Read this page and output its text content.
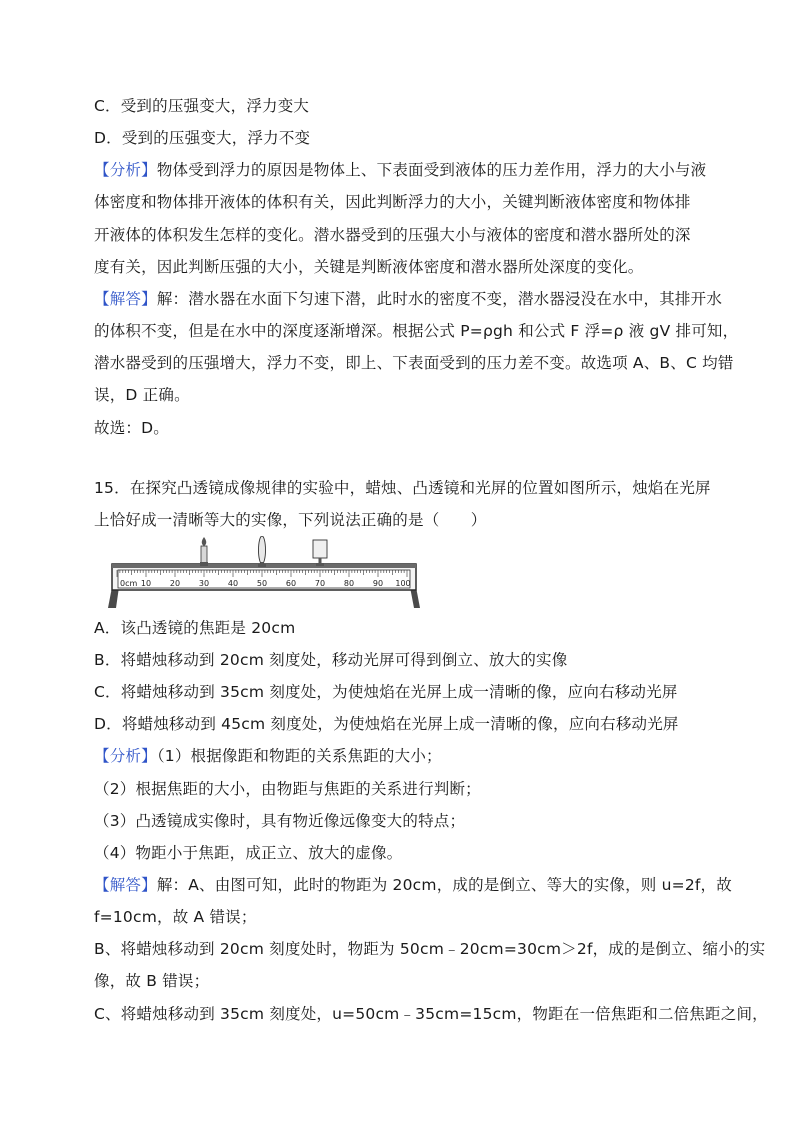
C．受到的压强变大，浮力变大
D．受到的压强变大，浮力不变
【分析】物体受到浮力的原因是物体上、下表面受到液体的压力差作用，浮力的大小与液
体密度和物体排开液体的体积有关，因此判断浮力的大小，关键判断液体密度和物体排
开液体的体积发生怎样的变化。潜水器受到的压强大小与液体的密度和潜水器所处的深
度有关，因此判断压强的大小，关键是判断液体密度和潜水器所处深度的变化。
【解答】解：潜水器在水面下匀速下潜，此时水的密度不变，潜水器浸没在水中，其排开水
的体积不变，但是在水中的深度逐渐增深。根据公式 P=ρgh 和公式 F 浮=ρ 液 gV 排可知，
潜水器受到的压强增大，浮力不变，即上、下表面受到的压力差不变。故选项 A、B、C 均错
误，D 正确。
故选：D。
15．在探究凸透镜成像规律的实验中，蜡烛、凸透镜和光屏的位置如图所示，烛焰在光屏
上恰好成一清晰等大的实像，下列说法正确的是（　　）
0cm 10 20 30 40 50 60 70 80 90 100
A．该凸透镜的焦距是 20cm
B．将蜡烛移动到 20cm 刻度处，移动光屏可得到倒立、放大的实像
C．将蜡烛移动到 35cm 刻度处，为使烛焰在光屏上成一清晰的像，应向右移动光屏
D．将蜡烛移动到 45cm 刻度处，为使烛焰在光屏上成一清晰的像，应向右移动光屏
【分析】（1）根据像距和物距的关系焦距的大小；
（2）根据焦距的大小，由物距与焦距的关系进行判断；
（3）凸透镜成实像时，具有物近像远像变大的特点；
（4）物距小于焦距，成正立、放大的虚像。
【解答】解：A、由图可知，此时的物距为 20cm，成的是倒立、等大的实像，则 u=2f，故
f=10cm，故 A 错误；
B、将蜡烛移动到 20cm 刻度处时，物距为 50cm﹣20cm=30cm＞2f，成的是倒立、缩小的实
像，故 B 错误；
C、将蜡烛移动到 35cm 刻度处，u=50cm﹣35cm=15cm，物距在一倍焦距和二倍焦距之间，
